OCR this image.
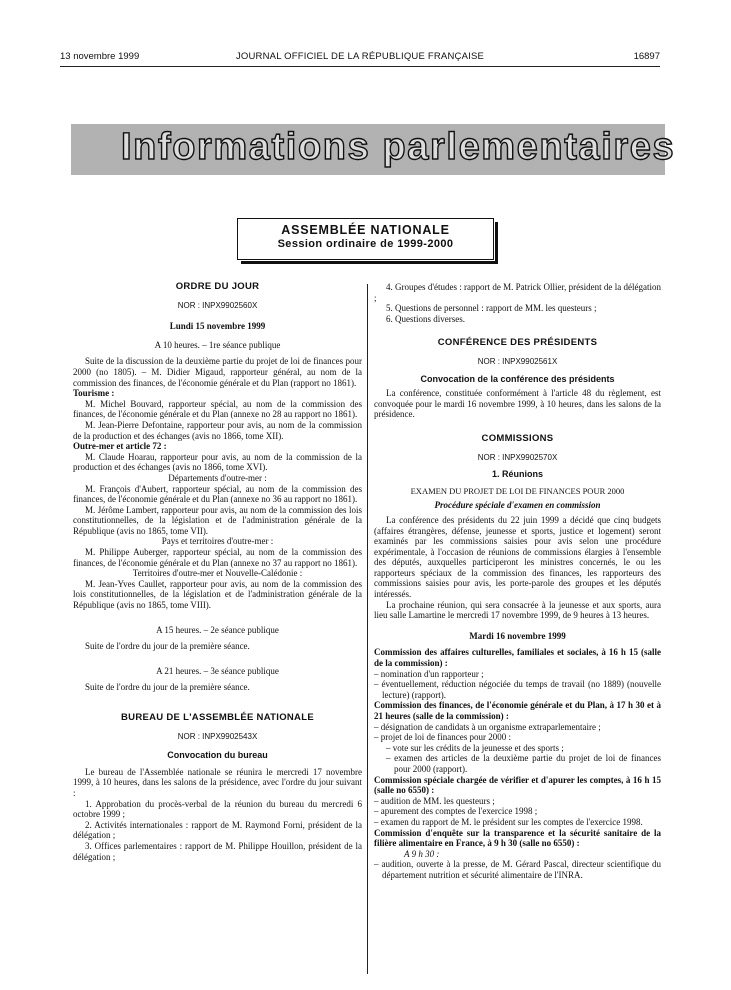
13 novembre 1999	JOURNAL OFFICIEL DE LA RÉPUBLIQUE FRANÇAISE	16897
Informations parlementaires
ASSEMBLÉE NATIONALE
Session ordinaire de 1999-2000

ORDRE DU JOUR

NOR : INPX9902560X

Lundi 15 novembre 1999

A 10 heures. – 1re séance publique

Suite de la discussion de la deuxième partie du projet de loi de finances pour 2000 (no 1805). – M. Didier Migaud, rapporteur général, au nom de la commission des finances, de l'économie générale et du Plan (rapport no 1861).

Tourisme :

M. Michel Bouvard, rapporteur spécial, au nom de la commission des finances, de l'économie générale et du Plan (annexe no 28 au rapport no 1861).

M. Jean-Pierre Defontaine, rapporteur pour avis, au nom de la commission de la production et des échanges (avis no 1866, tome XII).

Outre-mer et article 72 :

M. Claude Hoarau, rapporteur pour avis, au nom de la commission de la production et des échanges (avis no 1866, tome XVI).

Départements d'outre-mer :

M. François d'Aubert, rapporteur spécial, au nom de la commission des finances, de l'économie générale et du Plan (annexe no 36 au rapport no 1861).

M. Jérôme Lambert, rapporteur pour avis, au nom de la commission des lois constitutionnelles, de la législation et de l'administration générale de la République (avis no 1865, tome VII).

Pays et territoires d'outre-mer :

M. Philippe Auberger, rapporteur spécial, au nom de la commission des finances, de l'économie générale et du Plan (annexe no 37 au rapport no 1861).

Territoires d'outre-mer et Nouvelle-Calédonie :

M. Jean-Yves Caullet, rapporteur pour avis, au nom de la commission des lois constitutionnelles, de la législation et de l'administration générale de la République (avis no 1865, tome VIII).

A 15 heures. – 2e séance publique

Suite de l'ordre du jour de la première séance.

A 21 heures. – 3e séance publique

Suite de l'ordre du jour de la première séance.

BUREAU DE L'ASSEMBLÉE NATIONALE

NOR : INPX9902543X

Convocation du bureau

Le bureau de l'Assemblée nationale se réunira le mercredi 17 novembre 1999, à 10 heures, dans les salons de la présidence, avec l'ordre du jour suivant :

1. Approbation du procès-verbal de la réunion du bureau du mercredi 6 octobre 1999 ;

2. Activités internationales : rapport de M. Raymond Forni, président de la délégation ;

3. Offices parlementaires : rapport de M. Philippe Houillon, président de la délégation ;

4. Groupes d'études : rapport de M. Patrick Ollier, président de la délégation ;

5. Questions de personnel : rapport de MM. les questeurs ;

6. Questions diverses.

CONFÉRENCE DES PRÉSIDENTS

NOR : INPX9902561X

Convocation de la conférence des présidents

La conférence, constituée conformément à l'article 48 du règlement, est convoquée pour le mardi 16 novembre 1999, à 10 heures, dans les salons de la présidence.

COMMISSIONS

NOR : INPX9902570X

1. Réunions

EXAMEN DU PROJET DE LOI DE FINANCES POUR 2000

Procédure spéciale d'examen en commission

La conférence des présidents du 22 juin 1999 a décidé que cinq budgets (affaires étrangères, défense, jeunesse et sports, justice et logement) seront examinés par les commissions saisies pour avis selon une procédure expérimentale, à l'occasion de réunions de commissions élargies à l'ensemble des députés, auxquelles participeront les ministres concernés, le ou les rapporteurs spéciaux de la commission des finances, les rapporteurs des commissions saisies pour avis, les porte-parole des groupes et les députés intéressés.

La prochaine réunion, qui sera consacrée à la jeunesse et aux sports, aura lieu salle Lamartine le mercredi 17 novembre 1999, de 9 heures à 13 heures.

Mardi 16 novembre 1999

Commission des affaires culturelles, familiales et sociales, à 16 h 15 (salle de la commission) :

– nomination d'un rapporteur ;

– éventuellement, réduction négociée du temps de travail (no 1889) (nouvelle lecture) (rapport).

Commission des finances, de l'économie générale et du Plan, à 17 h 30 et à 21 heures (salle de la commission) :

– désignation de candidats à un organisme extraparlementaire ;

– projet de loi de finances pour 2000 :

– vote sur les crédits de la jeunesse et des sports ;

– examen des articles de la deuxième partie du projet de loi de finances pour 2000 (rapport).

Commission spéciale chargée de vérifier et d'apurer les comptes, à 16 h 15 (salle no 6550) :

– audition de MM. les questeurs ;

– apurement des comptes de l'exercice 1998 ;

– examen du rapport de M. le président sur les comptes de l'exercice 1998.

Commission d'enquête sur la transparence et la sécurité sanitaire de la filière alimentaire en France, à 9 h 30 (salle no 6550) :

A 9 h 30 :

– audition, ouverte à la presse, de M. Gérard Pascal, directeur scientifique du département nutrition et sécurité alimentaire de l'INRA.
